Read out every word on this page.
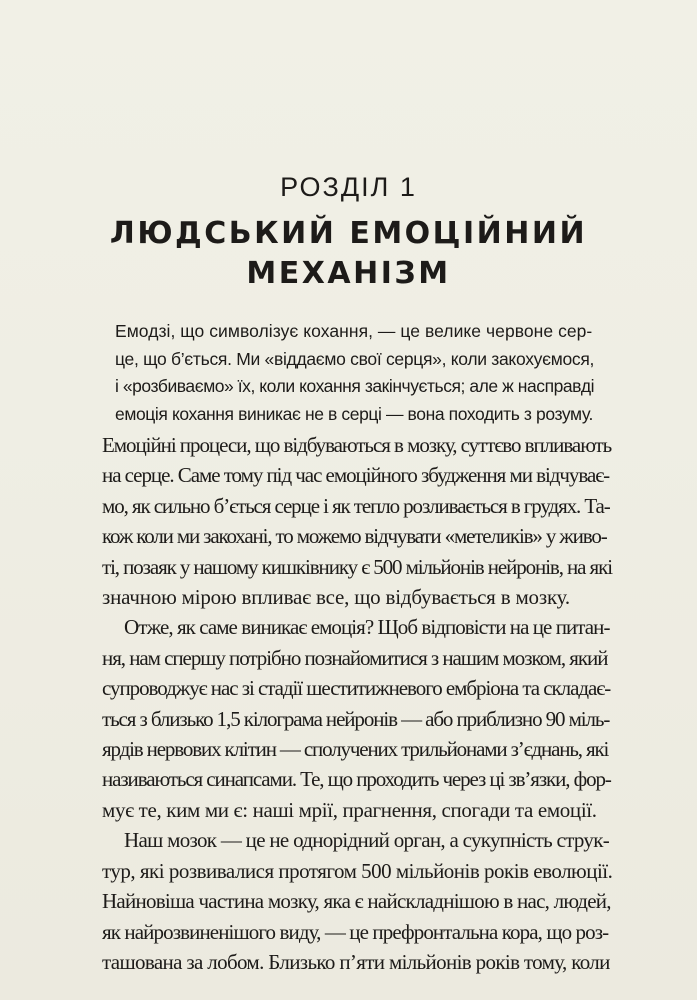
РОЗДІЛ 1
ЛЮДСЬКИЙ ЕМОЦІЙНИЙ
МЕХАНІЗМ
Емодзі, що символізує кохання, — це велике червоне сер-
це, що б’ється. Ми «віддаємо свої серця», коли закохуємося,
і «розбиваємо» їх, коли кохання закінчується; але ж насправді
емоція кохання виникає не в серці — вона походить з розуму.
Емоційні процеси, що відбуваються в мозку, суттєво впливають
на серце. Саме тому під час емоційного збудження ми відчуває-
мо, як сильно б’ється серце і як тепло розливається в грудях. Та-
кож коли ми закохані, то можемо відчувати «метеликів» у живо-
ті, позаяк у нашому кишківнику є 500 мільйонів нейронів, на які
значною мірою впливає все, що відбувається в мозку.
Отже, як саме виникає емоція? Щоб відповісти на це питан-
ня, нам спершу потрібно познайомитися з нашим мозком, який
супроводжує нас зі стадії шеститижневого ембріона та складає-
ться з близько 1,5 кілограма нейронів — або приблизно 90 міль-
ярдів нервових клітин — сполучених трильйонами з’єднань, які
називаються синапсами. Те, що проходить через ці зв’язки, фор-
мує те, ким ми є: наші мрії, прагнення, спогади та емоції.
Наш мозок — це не однорідний орган, а сукупність струк-
тур, які розвивалися протягом 500 мільйонів років еволюції.
Найновіша частина мозку, яка є найскладнішою в нас, людей,
як найрозвиненішого виду, — це префронтальна кора, що роз-
ташована за лобом. Близько п’яти мільйонів років тому, коли
